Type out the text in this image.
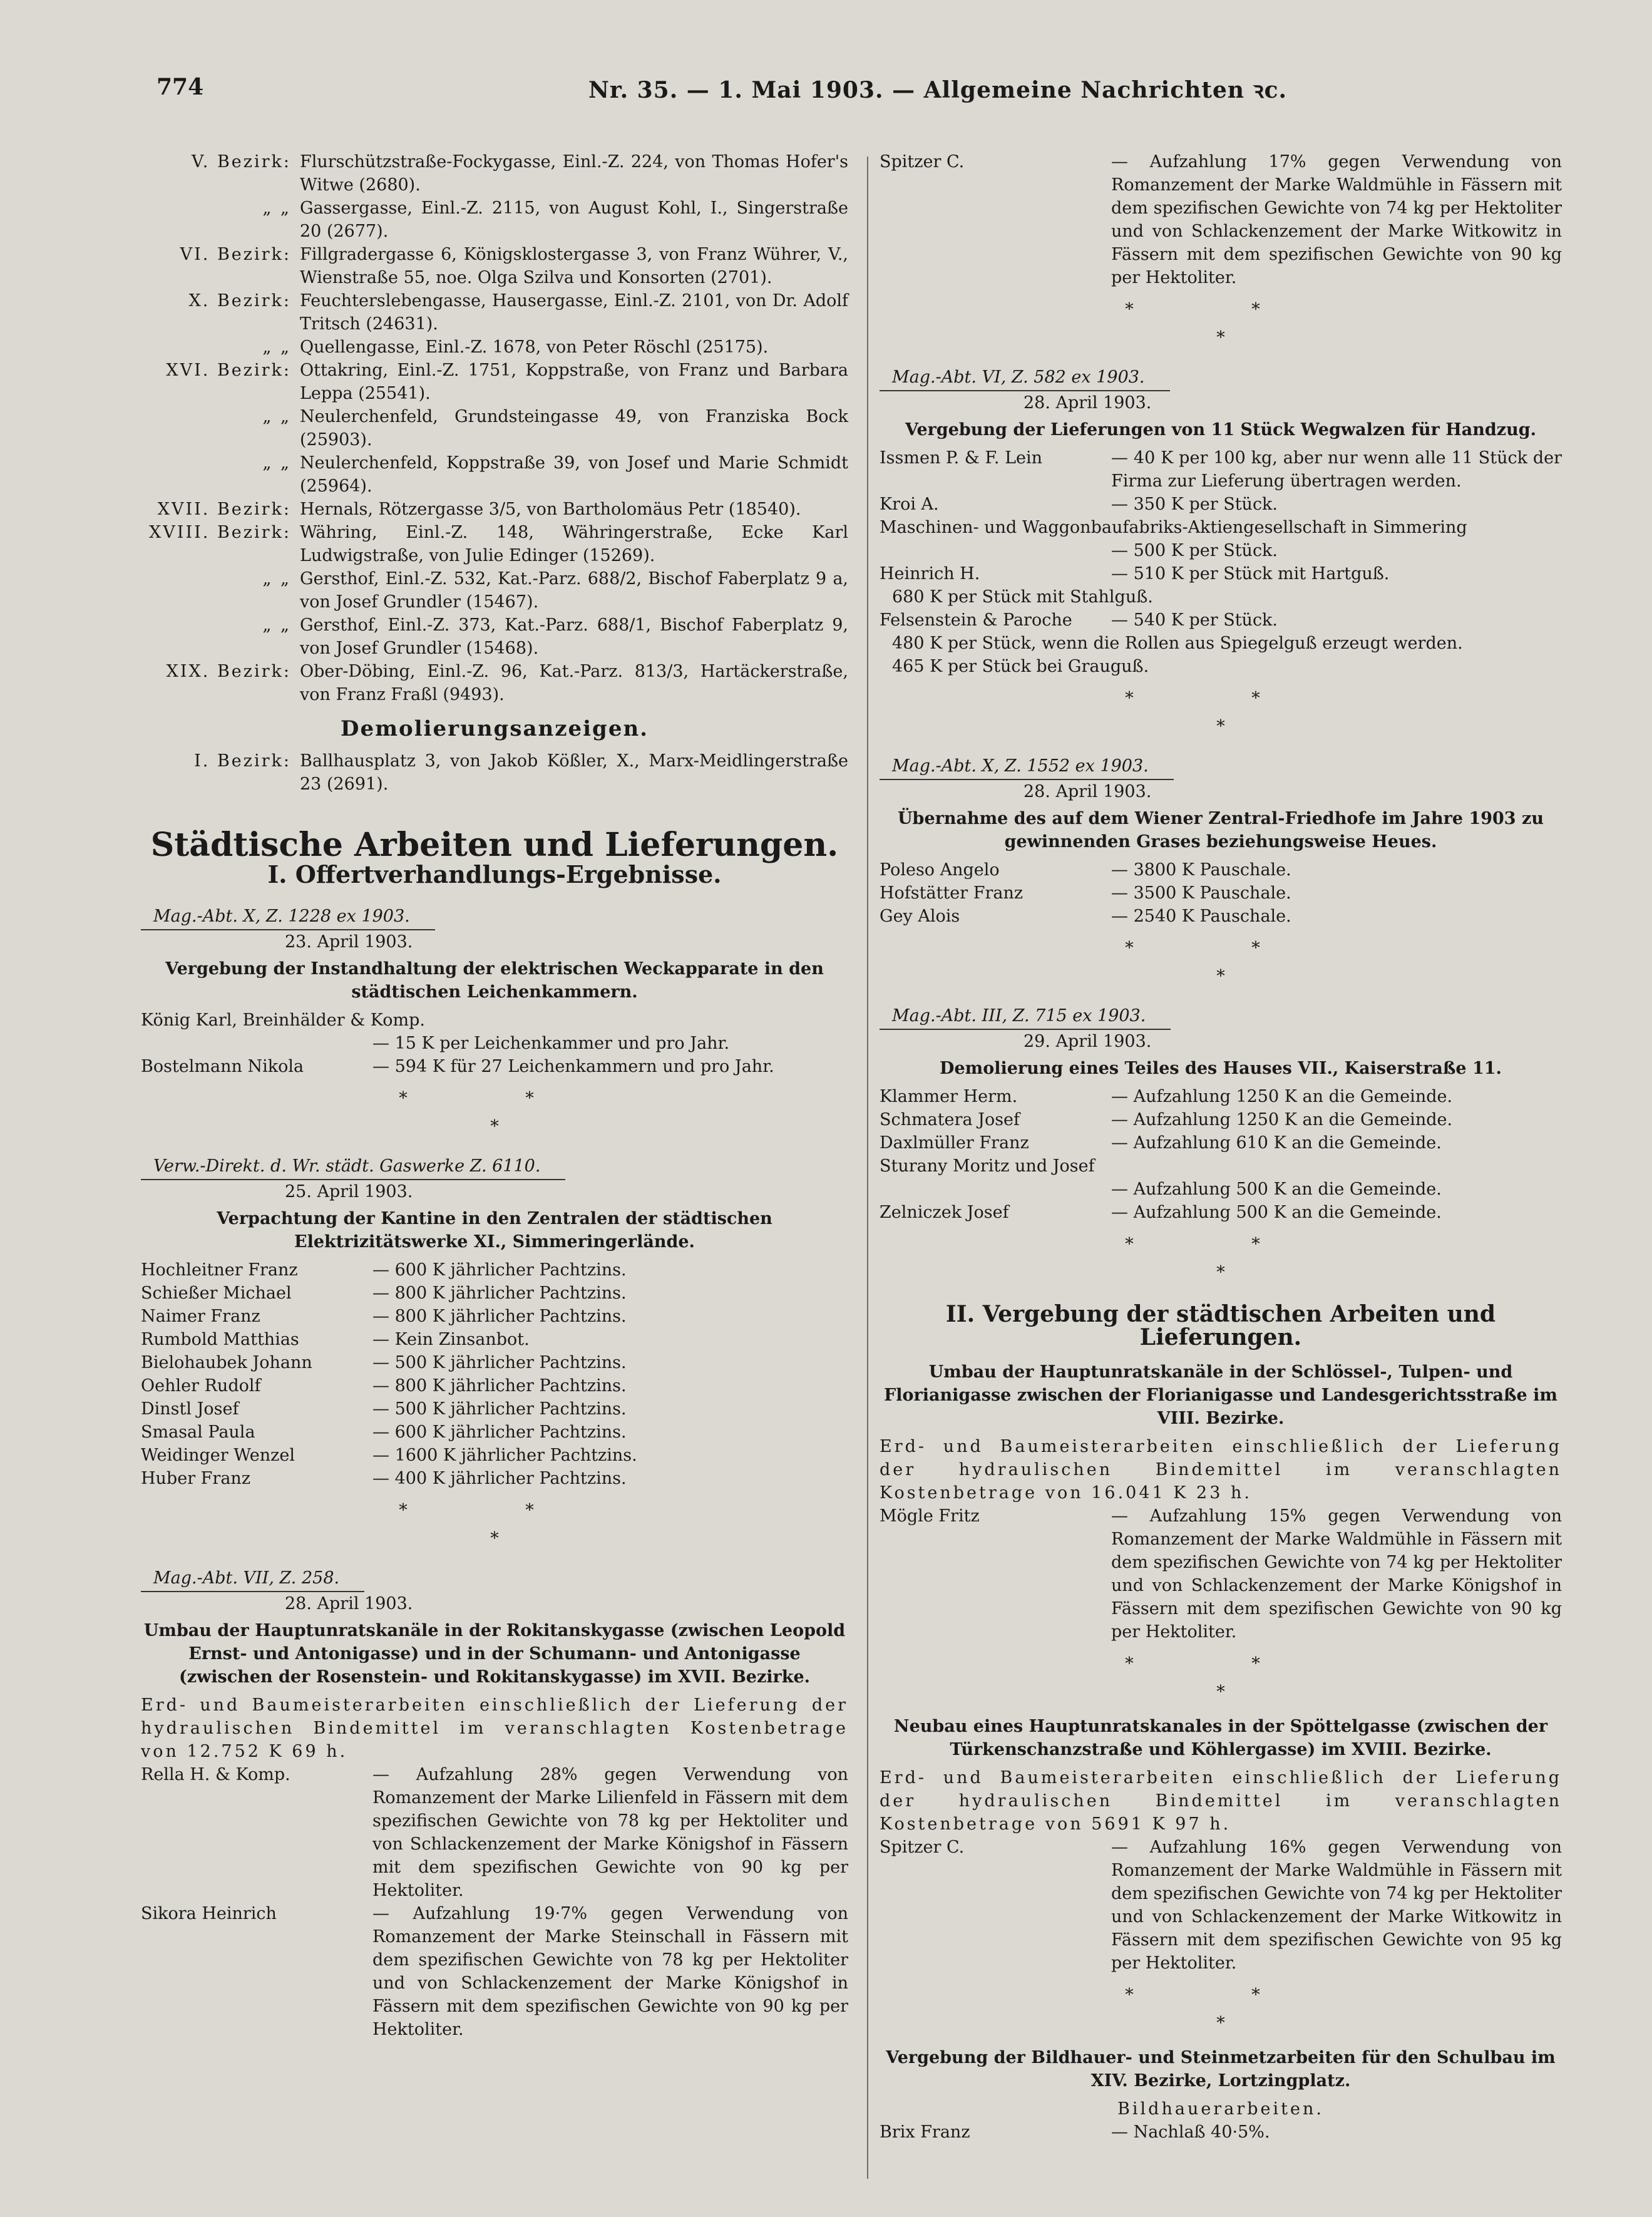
774	Nr. 35. — 1. Mai 1903. — Allgemeine Nachrichten ꝛc.
V. Bezirk: Flurschützstraße-Fockygasse, Einl.-Z. 224, von Thomas Hofer's Witwe (2680).
„ „ Gassergasse, Einl.-Z. 2115, von August Kohl, I., Singerstraße 20 (2677).
VI. Bezirk: Fillgradergasse 6, Königsklostergasse 3, von Franz Wührer, V., Wienstraße 55, noe. Olga Szilva und Konsorten (2701).
X. Bezirk: Feuchterslebengasse, Hausergasse, Einl.-Z. 2101, von Dr. Adolf Tritsch (24631).
„ „ Quellengasse, Einl.-Z. 1678, von Peter Röschl (25175).
XVI. Bezirk: Ottakring, Einl.-Z. 1751, Koppstraße, von Franz und Barbara Leppa (25541).
„ „ Neulerchenfeld, Grundsteingasse 49, von Franziska Bock (25903).
„ „ Neulerchenfeld, Koppstraße 39, von Josef und Marie Schmidt (25964).
XVII. Bezirk: Hernals, Rötzergasse 3/5, von Bartholomäus Petr (18540).
XVIII. Bezirk: Währing, Einl.-Z. 148, Währingerstraße, Ecke Karl Ludwigstraße, von Julie Edinger (15269).
„ „ Gersthof, Einl.-Z. 532, Kat.-Parz. 688/2, Bischof Faberplatz 9 a, von Josef Grundler (15467).
„ „ Gersthof, Einl.-Z. 373, Kat.-Parz. 688/1, Bischof Faberplatz 9, von Josef Grundler (15468).
XIX. Bezirk: Ober-Döbing, Einl.-Z. 96, Kat.-Parz. 813/3, Hartäckerstraße, von Franz Fraßl (9493).
Demolierungsanzeigen.
I. Bezirk: Ballhausplatz 3, von Jakob Kößler, X., Marx-Meidlingerstraße 23 (2691).
Städtische Arbeiten und Lieferungen.
I. Offertverhandlungs-Ergebnisse.
Mag.-Abt. X, Z. 1228 ex 1903.
23. April 1903.
Vergebung der Instandhaltung der elektrischen Weckapparate in den städtischen Leichenkammern.
König Karl, Breinhälder & Komp.
— 15 K per Leichenkammer und pro Jahr.
Bostelmann Nikola	— 594 K für 27 Leichenkammern und pro Jahr.
* *
*
Verw.-Direkt. d. Wr. städt. Gaswerke Z. 6110.
25. April 1903.
Verpachtung der Kantine in den Zentralen der städtischen Elektrizitätswerke XI., Simmeringerlände.
Hochleitner Franz	— 600 K jährlicher Pachtzins.
Schießer Michael	— 800 K jährlicher Pachtzins.
Naimer Franz	— 800 K jährlicher Pachtzins.
Rumbold Matthias	— Kein Zinsanbot.
Bielohaubek Johann	— 500 K jährlicher Pachtzins.
Oehler Rudolf	— 800 K jährlicher Pachtzins.
Dinstl Josef	— 500 K jährlicher Pachtzins.
Smasal Paula	— 600 K jährlicher Pachtzins.
Weidinger Wenzel	— 1600 K jährlicher Pachtzins.
Huber Franz	— 400 K jährlicher Pachtzins.
* *
*
Mag.-Abt. VII, Z. 258.
28. April 1903.
Umbau der Hauptunratskanäle in der Rokitanskygasse (zwischen Leopold Ernst- und Antonigasse) und in der Schumann- und Antonigasse (zwischen der Rosenstein- und Rokitanskygasse) im XVII. Bezirke.
Erd- und Baumeisterarbeiten einschließlich der Lieferung der hydraulischen Bindemittel im veranschlagten Kostenbetrage von 12.752 K 69 h.
Rella H. & Komp.	— Aufzahlung 28% gegen Verwendung von Romanzement der Marke Lilienfeld in Fässern mit dem spezifischen Gewichte von 78 kg per Hektoliter und von Schlackenzement der Marke Königshof in Fässern mit dem spezifischen Gewichte von 90 kg per Hektoliter.
Sikora Heinrich	— Aufzahlung 19·7% gegen Verwendung von Romanzement der Marke Steinschall in Fässern mit dem spezifischen Gewichte von 78 kg per Hektoliter und von Schlackenzement der Marke Königshof in Fässern mit dem spezifischen Gewichte von 90 kg per Hektoliter.
Spitzer C.	— Aufzahlung 17% gegen Verwendung von Romanzement der Marke Waldmühle in Fässern mit dem spezifischen Gewichte von 74 kg per Hektoliter und von Schlackenzement der Marke Witkowitz in Fässern mit dem spezifischen Gewichte von 90 kg per Hektoliter.
* *
*
Mag.-Abt. VI, Z. 582 ex 1903.
28. April 1903.
Vergebung der Lieferungen von 11 Stück Wegwalzen für Handzug.
Issmen P. & F. Lein	— 40 K per 100 kg, aber nur wenn alle 11 Stück der Firma zur Lieferung übertragen werden.
Kroi A.	— 350 K per Stück.
Maschinen- und Waggonbaufabriks-Aktiengesellschaft in Simmering
— 500 K per Stück.
Heinrich H.	— 510 K per Stück mit Hartguß.
680 K per Stück mit Stahlguß.
Felsenstein & Paroche	— 540 K per Stück.
480 K per Stück, wenn die Rollen aus Spiegelguß erzeugt werden.
465 K per Stück bei Grauguß.
* *
*
Mag.-Abt. X, Z. 1552 ex 1903.
28. April 1903.
Übernahme des auf dem Wiener Zentral-Friedhofe im Jahre 1903 zu gewinnenden Grases beziehungsweise Heues.
Poleso Angelo	— 3800 K Pauschale.
Hofstätter Franz	— 3500 K Pauschale.
Gey Alois	— 2540 K Pauschale.
* *
*
Mag.-Abt. III, Z. 715 ex 1903.
29. April 1903.
Demolierung eines Teiles des Hauses VII., Kaiserstraße 11.
Klammer Herm.	— Aufzahlung 1250 K an die Gemeinde.
Schmatera Josef	— Aufzahlung 1250 K an die Gemeinde.
Daxlmüller Franz	— Aufzahlung 610 K an die Gemeinde.
Sturany Moritz und Josef
— Aufzahlung 500 K an die Gemeinde.
Zelniczek Josef	— Aufzahlung 500 K an die Gemeinde.
* *
*
II. Vergebung der städtischen Arbeiten und Lieferungen.
Umbau der Hauptunratskanäle in der Schlössel-, Tulpen- und Florianigasse zwischen der Florianigasse und Landesgerichtsstraße im VIII. Bezirke.
Erd- und Baumeisterarbeiten einschließlich der Lieferung der hydraulischen Bindemittel im veranschlagten Kostenbetrage von 16.041 K 23 h.
Mögle Fritz	— Aufzahlung 15% gegen Verwendung von Romanzement der Marke Waldmühle in Fässern mit dem spezifischen Gewichte von 74 kg per Hektoliter und von Schlackenzement der Marke Königshof in Fässern mit dem spezifischen Gewichte von 90 kg per Hektoliter.
* *
*
Neubau eines Hauptunratskanales in der Spöttelgasse (zwischen der Türkenschanzstraße und Köhlergasse) im XVIII. Bezirke.
Erd- und Baumeisterarbeiten einschließlich der Lieferung der hydraulischen Bindemittel im veranschlagten Kostenbetrage von 5691 K 97 h.
Spitzer C.	— Aufzahlung 16% gegen Verwendung von Romanzement der Marke Waldmühle in Fässern mit dem spezifischen Gewichte von 74 kg per Hektoliter und von Schlackenzement der Marke Witkowitz in Fässern mit dem spezifischen Gewichte von 95 kg per Hektoliter.
* *
*
Vergebung der Bildhauer- und Steinmetzarbeiten für den Schulbau im XIV. Bezirke, Lortzingplatz.
Bildhauerarbeiten.
Brix Franz	— Nachlaß 40·5%.
